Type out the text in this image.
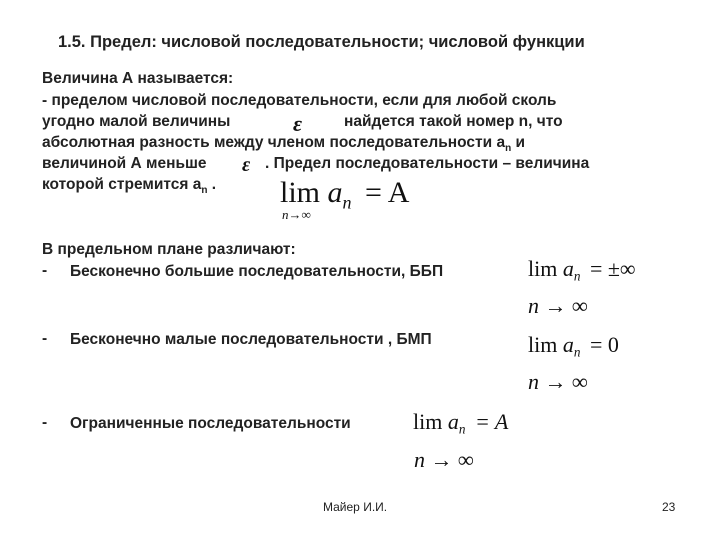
1.5. Предел: числовой последовательности; числовой функции
Величина А называется:
- пределом числовой последовательности, если для любой сколь
угодно малой величины	ε	найдется такой номер n, что
абсолютная разность между членом последовательности $а_n$ и
величиной А меньше ε . Предел последовательности – величина
которой стремится $а_n$ . $\lim a_n = A$
n→∞
В предельном плане различают:
- Бесконечно большие последовательности, ББП	$\lim a_n$ = ±∞
n → ∞
- Бесконечно малые последовательности , БМП	$\lim a_n = 0$
n → ∞
- Ограниченные последовательности	$\lim a_n = A$
n → ∞
Майер И.И.	23
